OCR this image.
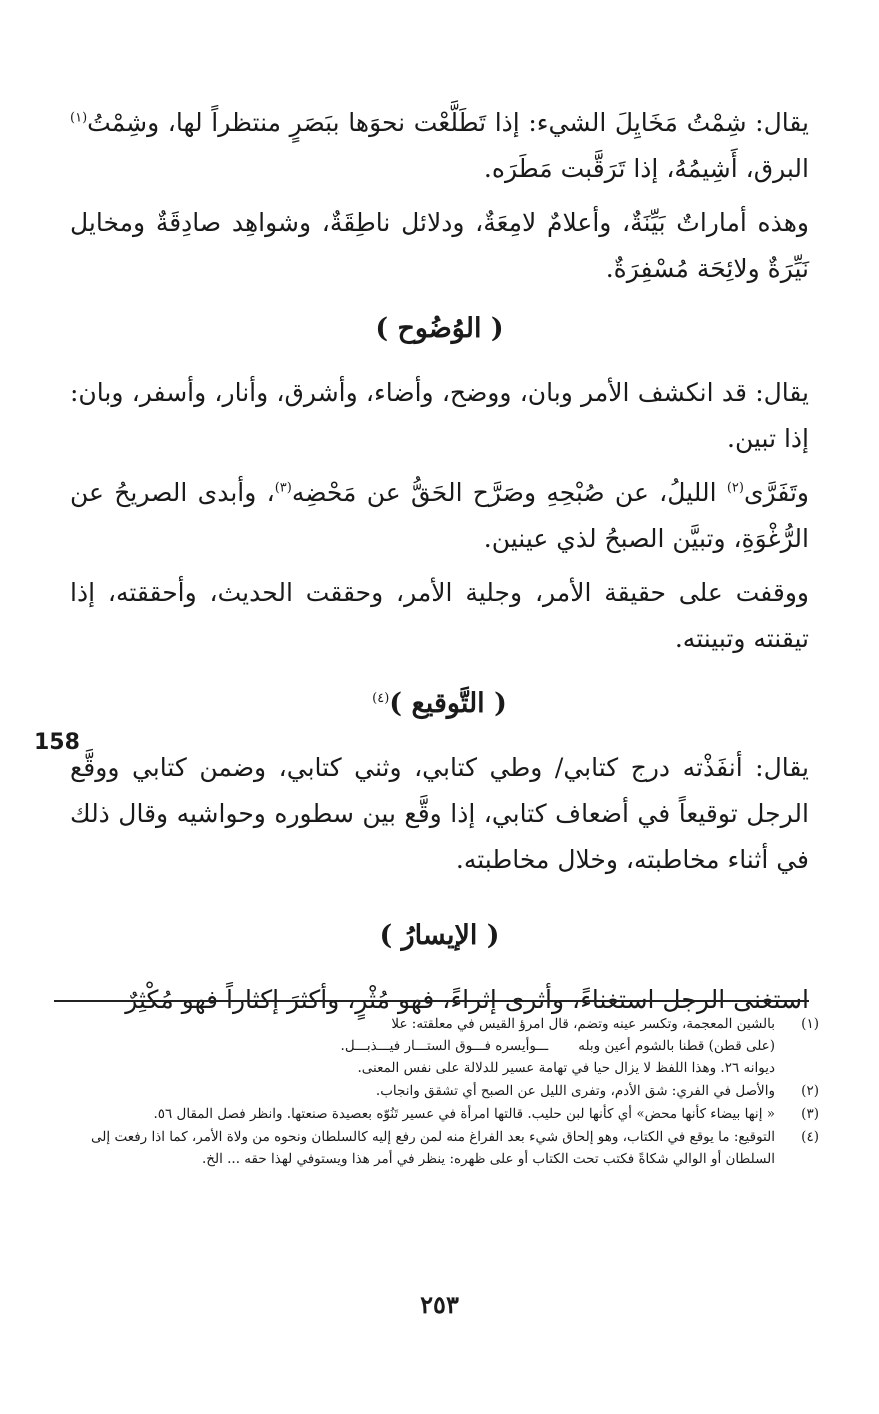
158

يقال: شِمْتُ مَخَايِلَ الشيء: إذا تَطَلَّعْت نحوَها ببَصَرٍ منتظراً لها، وشِمْتُ$^{(١)}$ البرق، أَشِيمُهُ، إذا تَرَقَّبت مَطَرَه.

وهذه أماراتٌ بَيِّنَةٌ، وأعلامٌ لامِعَةٌ، ودلائل ناطِقَةٌ، وشواهِد صادِقَةٌ ومخايل نَيِّرَةٌ ولائِحَة مُسْفِرَةٌ.

( الوُضُوح )

يقال: قد انكشف الأمر وبان، ووضح، وأضاء، وأشرق، وأنار، وأسفر، وبان: إذا تبين.

وتَفَرَّى$^{(٢)}$ الليلُ، عن صُبْحِهِ وصَرَّح الحَقُّ عن مَحْضِه$^{(٣)}$، وأبدى الصريحُ عن الرُّغْوَةِ، وتبيَّن الصبحُ لذي عينين.

ووقفت على حقيقة الأمر، وجلية الأمر، وحققت الحديث، وأحققته، إذا تيقنته وتبينته.

( التَّوقيع )$^{(٤)}$

يقال: أنفَذْته درج كتابي/ وطي كتابي، وثني كتابي، وضمن كتابي ووقَّع الرجل توقيعاً في أضعاف كتابي، إذا وقَّع بين سطوره وحواشيه وقال ذلك في أثناء مخاطبته، وخلال مخاطبته.

( الإيسارُ )

استغنى الرجل استغناءً، وأثرى إثراءً، فهو مُثْرٍ، وأكثرَ إكثاراً فهو مُكْثِرٌ

(١)
بالشين المعجمة، وتكسر عينه وتضم، قال امرؤ القيس في معلقته: علا
(على قطن) قطنا بالشوم أعين وبله
ـــوأيسره فـــوق الستـــار فيـــذبـــل.
ديوانه ٢٦. وهذا اللفظ لا يزال حيا في تهامة عسير للدلالة على نفس المعنى.
(٢)
والأصل في الفري: شق الأدم، وتفرى الليل عن الصبح أي تشقق وانجاب.
(٣)
« إنها بيضاء كأنها محض» أي كأنها لبن حليب. قالتها امرأة في عسير تَنُوّه بعصيدة صنعتها. وانظر فصل المقال ٥٦.
(٤)
التوقيع: ما يوقع في الكتاب، وهو إلحاق شيء بعد الفراغ منه لمن رفع إليه كالسلطان ونحوه من ولاة الأمر، كما اذا رفعت إلى السلطان أو الوالي شكاةً فكتب تحت الكتاب أو على ظهره: ينظر في أمر هذا ويستوفي لهذا حقه ... الخ.
٢٥٣
